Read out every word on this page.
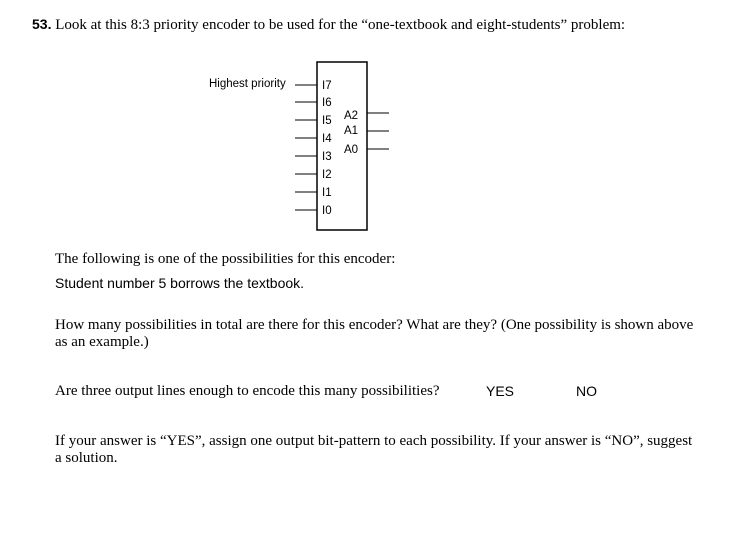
53. Look at this 8:3 priority encoder to be used for the “one-textbook and eight-students” problem:
Highest priority	I7
I6
I5
I4
I3
I2
I1
I0
A2
A1
A0
The following is one of the possibilities for this encoder:
Student number 5 borrows the textbook.
How many possibilities in total are there for this encoder? What are they? (One possibility is shown above as an example.)
Are three output lines enough to encode this many possibilities?	YES	NO
If your answer is “YES”, assign one output bit-pattern to each possibility. If your answer is “NO”, suggest a solution.
